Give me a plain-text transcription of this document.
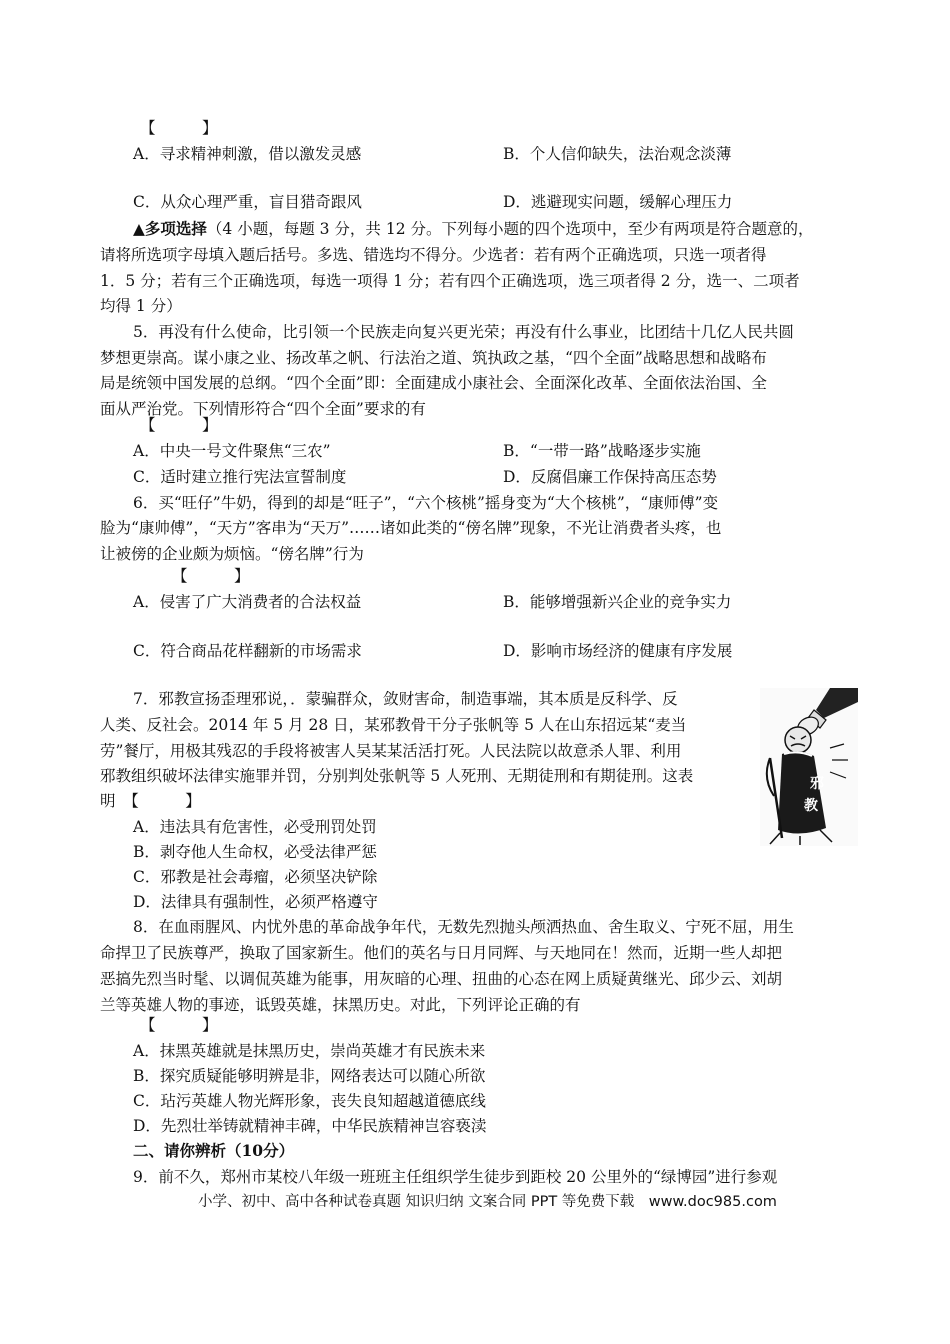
【　　　】
A．寻求精神刺激，借以激发灵感	B．个人信仰缺失，法治观念淡薄
C．从众心理严重，盲目猎奇跟风	D．逃避现实问题，缓解心理压力
▲多项选择（4 小题，每题 3 分，共 12 分。下列每小题的四个选项中，至少有两项是符合题意的，
请将所选项字母填入题后括号。多选、错选均不得分。少选者：若有两个正确选项，只选一项者得
1．5 分；若有三个正确选项，每选一项得 1 分；若有四个正确选项，选三项者得 2 分，选一、二项者
均得 1 分）
5．再没有什么使命，比引领一个民族走向复兴更光荣；再没有什么事业，比团结十几亿人民共圆
梦想更崇高。谋小康之业、扬改革之帆、行法治之道、筑执政之基，“四个全面”战略思想和战略布
局是统领中国发展的总纲。“四个全面”即：全面建成小康社会、全面深化改革、全面依法治国、全
面从严治党。下列情形符合“四个全面”要求的有
【　　　】
A．中央一号文件聚焦“三农”	B．“一带一路”战略逐步实施
C．适时建立推行宪法宣誓制度	D．反腐倡廉工作保持高压态势
6．买“旺仔”牛奶，得到的却是“旺子”，“六个核桃”摇身变为“大个核桃”，“康师傅”变
脸为“康帅傅”，“天方”客串为“天万”……诸如此类的“傍名牌”现象，不光让消费者头疼，也
让被傍的企业颇为烦恼。“傍名牌”行为
【　　　】
A．侵害了广大消费者的合法权益	B．能够增强新兴企业的竞争实力
C．符合商品花样翻新的市场需求	D．影响市场经济的健康有序发展
7．邪教宣扬歪理邪说，．蒙骗群众，敛财害命，制造事端，其本质是反科学、反
人类、反社会。2014 年 5 月 28 日，某邪教骨干分子张帆等 5 人在山东招远某“麦当
劳”餐厅，用极其残忍的手段将被害人吴某某活活打死。人民法院以故意杀人罪、利用
邪教组织破坏法律实施罪并罚，分别判处张帆等 5 人死刑、无期徒刑和有期徒刑。这表
明　【　　　】
A．违法具有危害性，必受刑罚处罚
B．剥夺他人生命权，必受法律严惩
C．邪教是社会毒瘤，必须坚决铲除
D．法律具有强制性，必须严格遵守
邪
教
8．在血雨腥风、内忧外患的革命战争年代，无数先烈抛头颅洒热血、舍生取义、宁死不屈，用生
命捍卫了民族尊严，换取了国家新生。他们的英名与日月同辉、与天地同在！然而，近期一些人却把
恶搞先烈当时髦、以调侃英雄为能事，用灰暗的心理、扭曲的心态在网上质疑黄继光、邱少云、刘胡
兰等英雄人物的事迹，诋毁英雄，抹黑历史。对此，下列评论正确的有
【　　　】
A．抹黑英雄就是抹黑历史，崇尚英雄才有民族未来
B．探究质疑能够明辨是非，网络表达可以随心所欲
C．玷污英雄人物光辉形象，丧失良知超越道德底线
D．先烈壮举铸就精神丰碑，中华民族精神岂容亵渎
二、请你辨析（10分）
9．前不久，郑州市某校八年级一班班主任组织学生徒步到距校 20 公里外的“绿博园”进行参观
小学、初中、高中各种试卷真题 知识归纳 文案合同 PPT 等免费下载　www.doc985.com
